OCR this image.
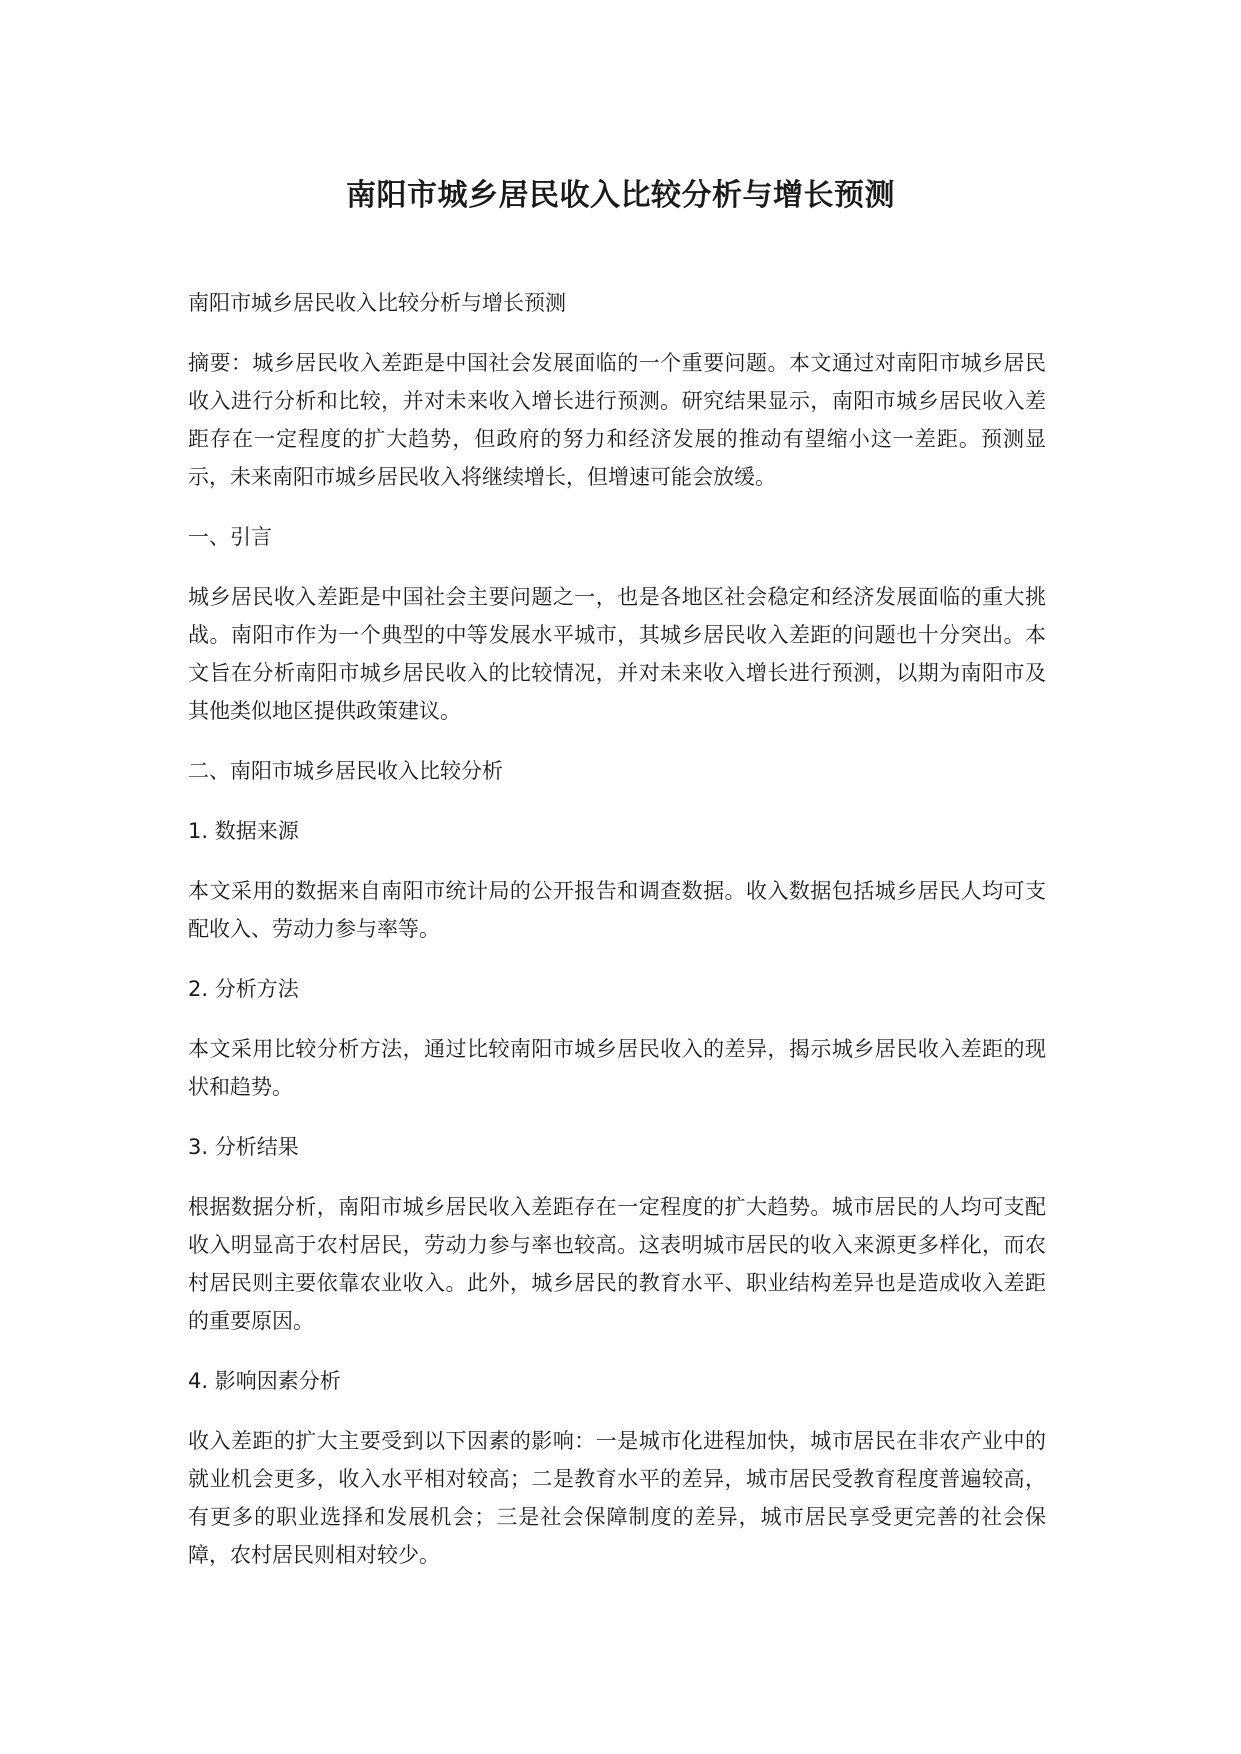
南阳市城乡居民收入比较分析与增长预测

南阳市城乡居民收入比较分析与增长预测

摘要：城乡居民收入差距是中国社会发展面临的一个重要问题。本文通过对南阳市城乡居民收入进行分析和比较，并对未来收入增长进行预测。研究结果显示，南阳市城乡居民收入差距存在一定程度的扩大趋势，但政府的努力和经济发展的推动有望缩小这一差距。预测显示，未来南阳市城乡居民收入将继续增长，但增速可能会放缓。

一、引言

城乡居民收入差距是中国社会主要问题之一，也是各地区社会稳定和经济发展面临的重大挑战。南阳市作为一个典型的中等发展水平城市，其城乡居民收入差距的问题也十分突出。本文旨在分析南阳市城乡居民收入的比较情况，并对未来收入增长进行预测，以期为南阳市及其他类似地区提供政策建议。

二、南阳市城乡居民收入比较分析

1. 数据来源

本文采用的数据来自南阳市统计局的公开报告和调查数据。收入数据包括城乡居民人均可支配收入、劳动力参与率等。

2. 分析方法

本文采用比较分析方法，通过比较南阳市城乡居民收入的差异，揭示城乡居民收入差距的现状和趋势。

3. 分析结果

根据数据分析，南阳市城乡居民收入差距存在一定程度的扩大趋势。城市居民的人均可支配收入明显高于农村居民，劳动力参与率也较高。这表明城市居民的收入来源更多样化，而农村居民则主要依靠农业收入。此外，城乡居民的教育水平、职业结构差异也是造成收入差距的重要原因。

4. 影响因素分析

收入差距的扩大主要受到以下因素的影响：一是城市化进程加快，城市居民在非农产业中的就业机会更多，收入水平相对较高；二是教育水平的差异，城市居民受教育程度普遍较高，有更多的职业选择和发展机会；三是社会保障制度的差异，城市居民享受更完善的社会保障，农村居民则相对较少。
